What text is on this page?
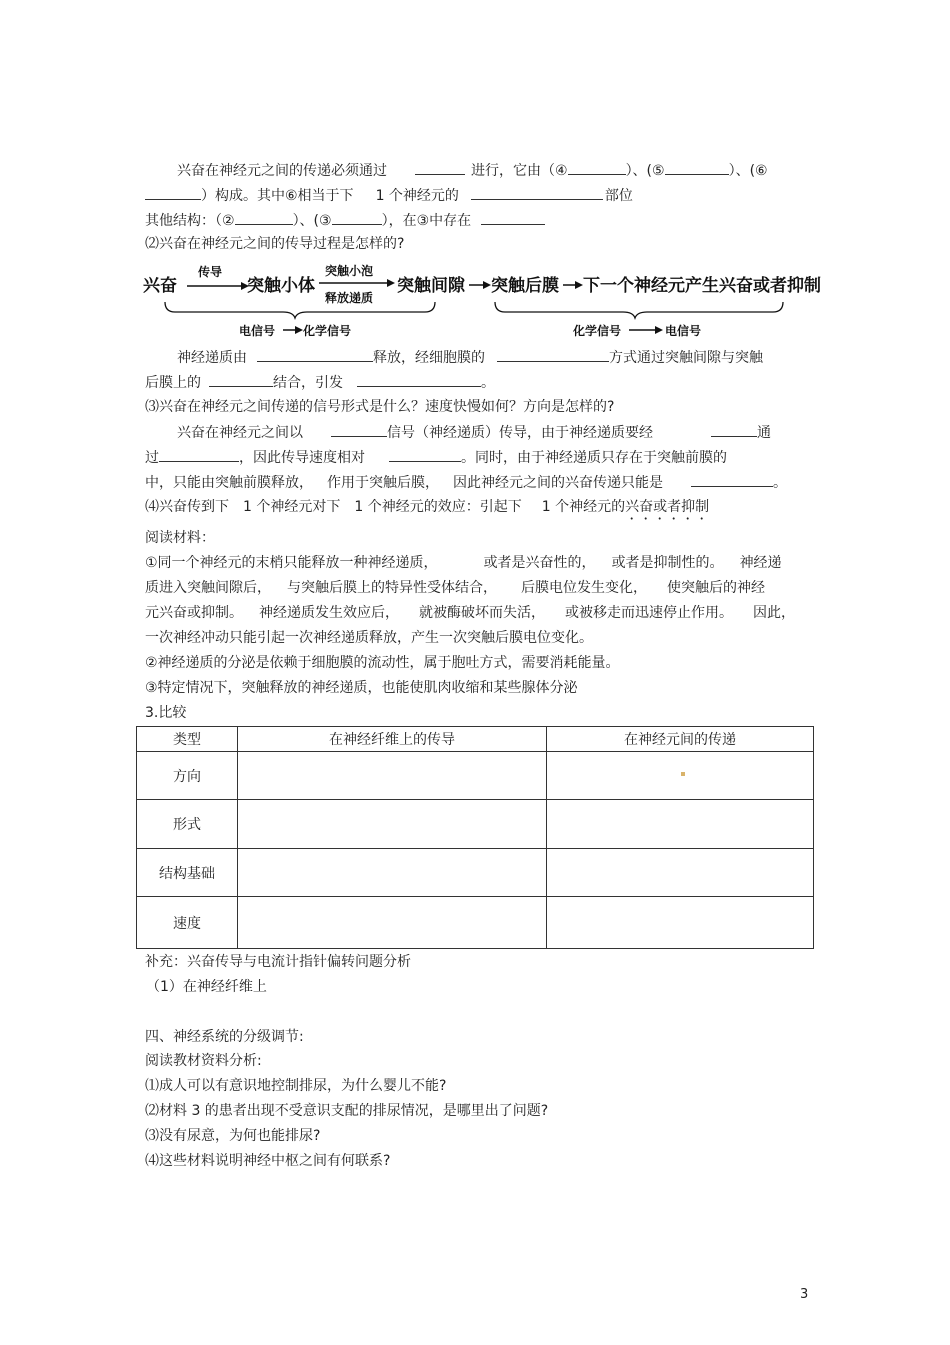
兴奋在神经元之间的传递必须通过	进行，它由（④	）、(⑤	）、(⑥
）构成。其中⑥相当于下 1 个神经元的	部位
其他结构：（②	）、(③	），在③中存在
⑵兴奋在神经元之间的传导过程是怎样的?
兴奋
传导
突触小体
突触小泡
释放递质
突触间隙 突触后膜 下一个神经元产生兴奋或者抑制
电信号 化学信号	化学信号	电信号
神经递质由	释放，经细胞膜的	方式通过突触间隙与突触
后膜上的	结合，引发	。
⑶兴奋在神经元之间传递的信号形式是什么？速度快慢如何？方向是怎样的?
兴奋在神经元之间以	信号（神经递质）传导，由于神经递质要经	通
过	，因此传导速度相对	。同时，由于神经递质只存在于突触前膜的
中，只能由突触前膜释放， 作用于突触后膜， 因此神经元之间的兴奋传递只能是	。
⑷兴奋传到下 1 个神经元对下 1 个神经元的效应：引起下 1 个神经元的兴奋或者抑制
阅读材料：
①同一个神经元的末梢只能释放一种神经递质，	或者是兴奋性的， 或者是抑制性的。 神经递
质进入突触间隙后， 与突触后膜上的特异性受体结合， 后膜电位发生变化， 使突触后的神经
元兴奋或抑制。 神经递质发生效应后， 就被酶破坏而失活， 或被移走而迅速停止作用。 因此，
一次神经冲动只能引起一次神经递质释放，产生一次突触后膜电位变化。
②神经递质的分泌是依赖于细胞膜的流动性，属于胞吐方式，需要消耗能量。
③特定情况下，突触释放的神经递质，也能使肌肉收缩和某些腺体分泌
3.比较
类型	在神经纤维上的传导	在神经元间的传递
方向		

形式		
结构基础		
速度		
补充：兴奋传导与电流计指针偏转问题分析
（1）在神经纤维上
四、神经系统的分级调节:
阅读教材资料分析:
⑴成人可以有意识地控制排尿，为什么婴儿不能?
⑵材料 3 的患者出现不受意识支配的排尿情况，是哪里出了问题?
⑶没有尿意，为何也能排尿?
⑷这些材料说明神经中枢之间有何联系?
3
